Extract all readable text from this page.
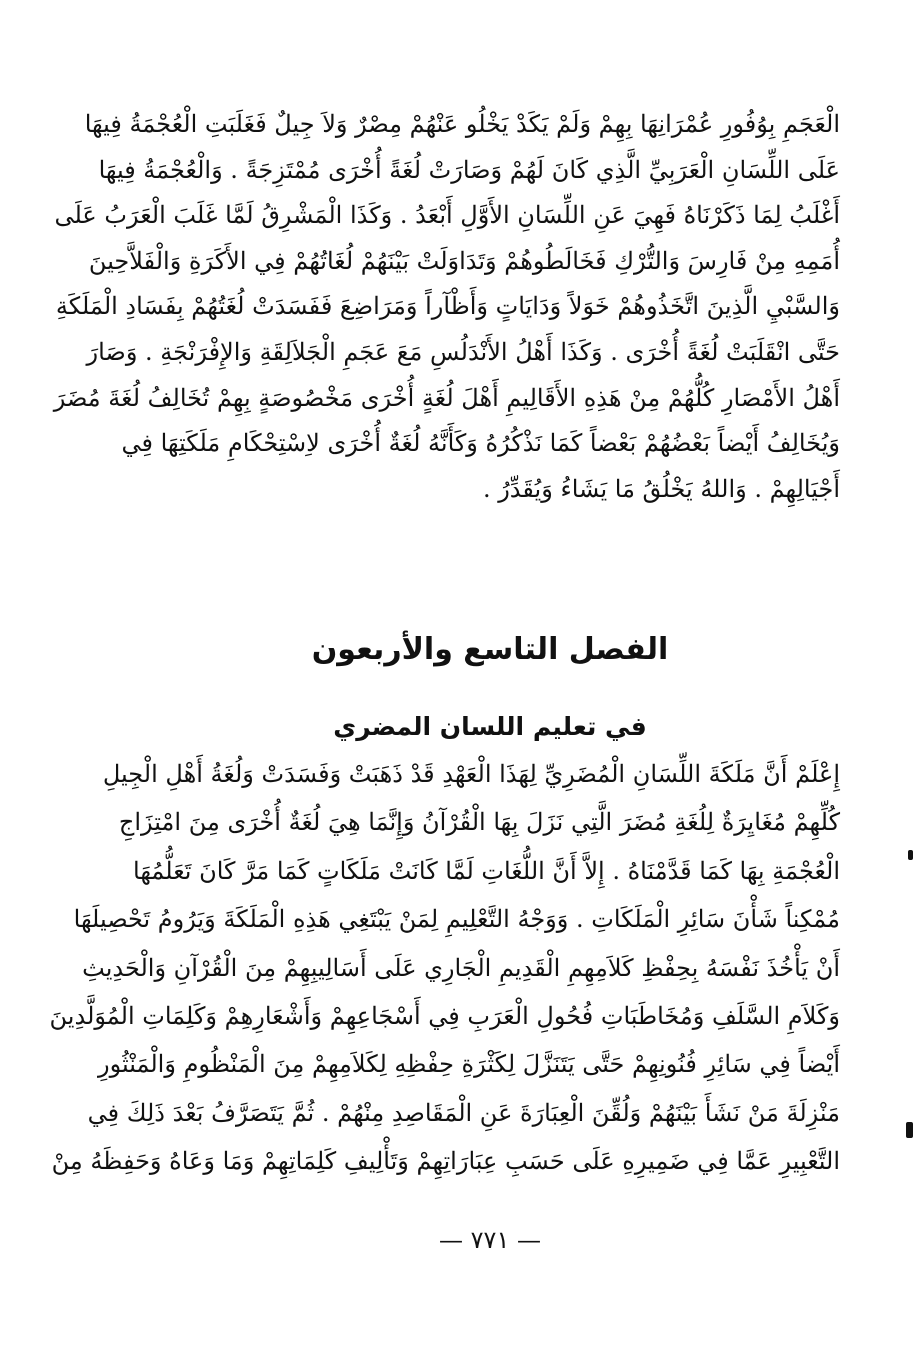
الْعَجَمِ بِوُفُورِ عُمْرَانِهَا بِهِمْ وَلَمْ يَكَدْ يَخْلُو عَنْهُمْ مِصْرٌ وَلاَ جِيلٌ فَغَلَبَتِ الْعُجْمَةُ فِيهَا
عَلَى اللِّسَانِ الْعَرَبِيِّ الَّذِي كَانَ لَهُمْ وَصَارَتْ لُغَةً أُخْرَى مُمْتَزِجَةً . وَالْعُجْمَةُ فِيهَا
أَغْلَبُ لِمَا ذَكَرْنَاهُ فَهِيَ عَنِ اللِّسَانِ الأَوَّلِ أَبْعَدُ . وَكَذَا الْمَشْرِقُ لَمَّا غَلَبَ الْعَرَبُ عَلَى
أُمَمِهِ مِنْ فَارِسَ وَالتُّرْكِ فَخَالَطُوهُمْ وَتَدَاوَلَتْ بَيْنَهُمْ لُغَاتُهُمْ فِي الأَكَرَةِ وَالْفَلاَّحِينَ
وَالسَّبْيِ الَّذِينَ اتَّخَذُوهُمْ خَوَلاً وَدَايَاتٍ وَأَظْآراً وَمَرَاضِعَ فَفَسَدَتْ لُغَتُهُمْ بِفَسَادِ الْمَلَكَةِ
حَتَّى انْقَلَبَتْ لُغَةً أُخْرَى . وَكَذَا أَهْلُ الأَنْدَلُسِ مَعَ عَجَمِ الْجَلاَلِقَةِ وَالإِفْرَنْجَةِ . وَصَارَ
أَهْلُ الأَمْصَارِ كُلُّهُمْ مِنْ هَذِهِ الأَقَالِيمِ أَهْلَ لُغَةٍ أُخْرَى مَخْصُوصَةٍ بِهِمْ تُخَالِفُ لُغَةَ مُضَرَ
وَيُخَالِفُ أَيْضاً بَعْضُهُمْ بَعْضاً كَمَا نَذْكُرُهُ وَكَأَنَّهُ لُغَةٌ أُخْرَى لاِسْتِحْكَامِ مَلَكَتِهَا فِي
أَجْيَالِهِمْ . وَاللهُ يَخْلُقُ مَا يَشَاءُ وَيُقَدِّرُ .
الفصل التاسع والأربعون
في تعليم اللسان المضري
إِعْلَمْ أَنَّ مَلَكَةَ اللِّسَانِ الْمُضَرِيِّ لِهَذَا الْعَهْدِ قَدْ ذَهَبَتْ وَفَسَدَتْ وَلُغَةُ أَهْلِ الْجِيلِ
كُلِّهِمْ مُغَايِرَةٌ لِلُغَةِ مُضَرَ الَّتِي نَزَلَ بِهَا الْقُرْآنُ وَإِنَّمَا هِيَ لُغَةٌ أُخْرَى مِنَ امْتِزَاجِ
الْعُجْمَةِ بِهَا كَمَا قَدَّمْنَاهُ . إِلاَّ أَنَّ اللُّغَاتِ لَمَّا كَانَتْ مَلَكَاتٍ كَمَا مَرَّ كَانَ تَعَلُّمُهَا
مُمْكِناً شَأْنَ سَائِرِ الْمَلَكَاتِ . وَوَجْهُ التَّعْلِيمِ لِمَنْ يَبْتَغِي هَذِهِ الْمَلَكَةَ وَيَرُومُ تَحْصِيلَهَا
أَنْ يَأْخُذَ نَفْسَهُ بِحِفْظِ كَلاَمِهِمِ الْقَدِيمِ الْجَارِي عَلَى أَسَالِيبِهِمْ مِنَ الْقُرْآنِ وَالْحَدِيثِ
وَكَلاَمِ السَّلَفِ وَمُخَاطَبَاتِ فُحُولِ الْعَرَبِ فِي أَسْجَاعِهِمْ وَأَشْعَارِهِمْ وَكَلِمَاتِ الْمُوَلَّدِينَ
أَيْضاً فِي سَائِرِ فُنُونِهِمْ حَتَّى يَتَنَزَّلَ لِكَثْرَةِ حِفْظِهِ لِكَلاَمِهِمْ مِنَ الْمَنْظُومِ وَالْمَنْثُورِ
مَنْزِلَةَ مَنْ نَشَأَ بَيْنَهُمْ وَلُقِّنَ الْعِبَارَةَ عَنِ الْمَقَاصِدِ مِنْهُمْ . ثُمَّ يَتَصَرَّفُ بَعْدَ ذَلِكَ فِي
التَّعْبِيرِ عَمَّا فِي ضَمِيرِهِ عَلَى حَسَبِ عِبَارَاتِهِمْ وَتَأْلِيفِ كَلِمَاتِهِمْ وَمَا وَعَاهُ وَحَفِظَهُ مِنْ
— ٧٧١ —
